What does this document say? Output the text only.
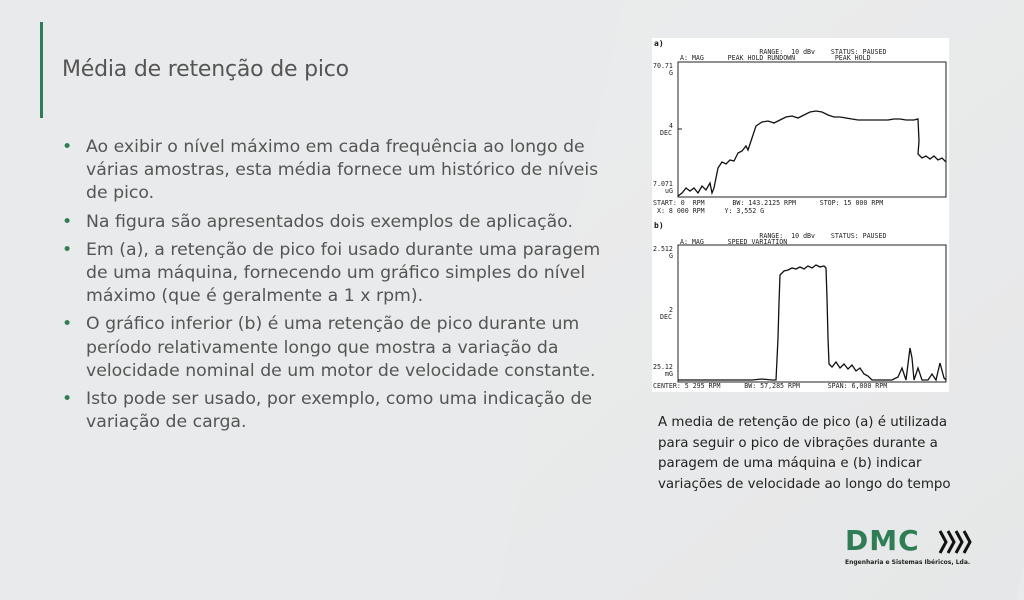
Média de retenção de pico
• Ao exibir o nível máximo em cada frequência ao longo de várias amostras, esta média fornece um histórico de níveis de pico.
• Na figura são apresentados dois exemplos de aplicação.
• Em (a), a retenção de pico foi usado durante uma paragem de uma máquina, fornecendo um gráfico simples do nível máximo (que é geralmente a 1 x rpm).
• O gráfico inferior (b) é uma retenção de pico durante um período relativamente longo que mostra a variação da velocidade nominal de um motor de velocidade constante.
• Isto pode ser usado, por exemplo, como uma indicação de variação de carga.
a)
RANGE:  10 dBv    STATUS: PAUSED
A: MAG      PEAK HOLD RUNDOWN          PEAK HOLD
70.71
G
4
DEC
7.071
uG
START: 0  RPM       BW: 143.2125 RPM      STOP: 15 000 RPM
X: 8 000 RPM     Y: 3,552 G
b)
RANGE:  10 dBv    STATUS: PAUSED
A: MAG      SPEED VARIATION
2.512
G
2
DEC
25.12
mG
CENTER: 5 295 RPM      BW: 57,285 RPM       SPAN: 6,000 RPM
A media de retenção de pico (a) é utilizada para seguir o pico de vibrações durante a paragem de uma máquina e (b) indicar variações de velocidade ao longo do tempo
DMC
Engenharia e Sistemas Ibéricos, Lda.
